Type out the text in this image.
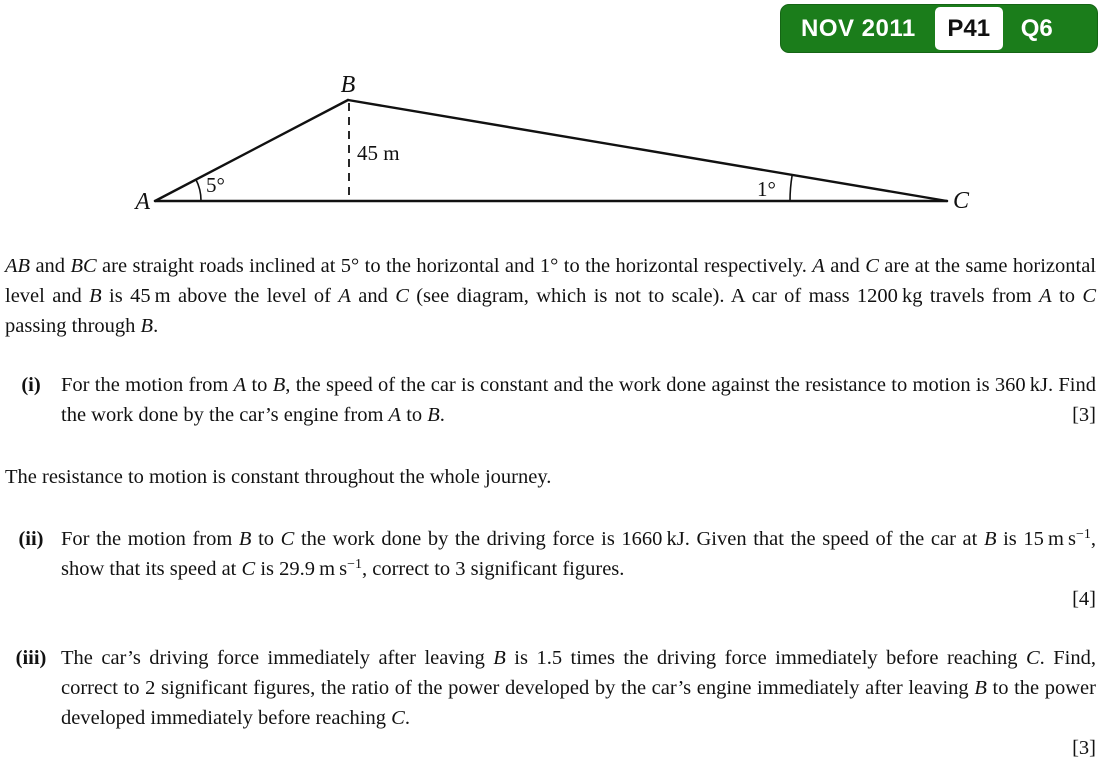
NOV 2011 P41 Q6
A
B
C
45 m
5°	1°
AB and BC are straight roads inclined at 5° to the horizontal and 1° to the horizontal respectively. A and C are at the same horizontal level and B is 45 m above the level of A and C (see diagram, which is not to scale). A car of mass 1200 kg travels from A to C passing through B.
(i) For the motion from A to B, the speed of the car is constant and the work done against the resistance to motion is 360 kJ. Find the work done by the car’s engine from A to B.	[3]
The resistance to motion is constant throughout the whole journey.
(ii) For the motion from B to C the work done by the driving force is 1660 kJ. Given that the speed of the car at B is 15 m $s^{-1}$, show that its speed at C is 29.9 m $s^{-1}$, correct to 3 significant figures.
[4]
(iii) The car’s driving force immediately after leaving B is 1.5 times the driving force immediately before reaching C. Find, correct to 2 significant figures, the ratio of the power developed by the car’s engine immediately after leaving B to the power developed immediately before reaching C.
[3]
